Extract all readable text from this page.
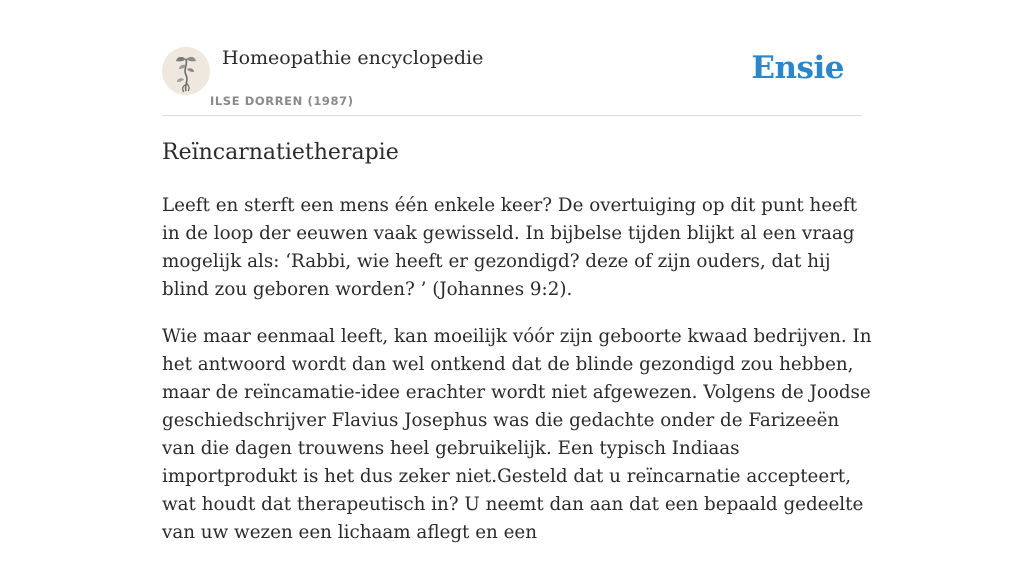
Homeopathie encyclopedie
ILSE DORREN (1987)
Ensie
Reïncarnatietherapie

Leeft en sterft een mens één enkele keer? De overtuiging op dit punt heeft in de loop der eeuwen vaak gewisseld. In bijbelse tijden blijkt al een vraag mogelijk als: ‘Rabbi, wie heeft er gezondigd? deze of zijn ouders, dat hij blind zou geboren worden? ’ (Johannes 9:2).

Wie maar eenmaal leeft, kan moeilijk vóór zijn geboorte kwaad bedrijven. In het antwoord wordt dan wel ontkend dat de blinde gezondigd zou hebben, maar de reïncamatie-idee erachter wordt niet afgewezen. Volgens de Joodse geschiedschrijver Flavius Josephus was die gedachte onder de Farizeeën van die dagen trouwens heel gebruikelijk. Een typisch Indiaas importprodukt is het dus zeker niet.Gesteld dat u reïncarnatie accepteert, wat houdt dat therapeutisch in? U neemt dan aan dat een bepaald gedeelte van uw wezen een lichaam aflegt en een
